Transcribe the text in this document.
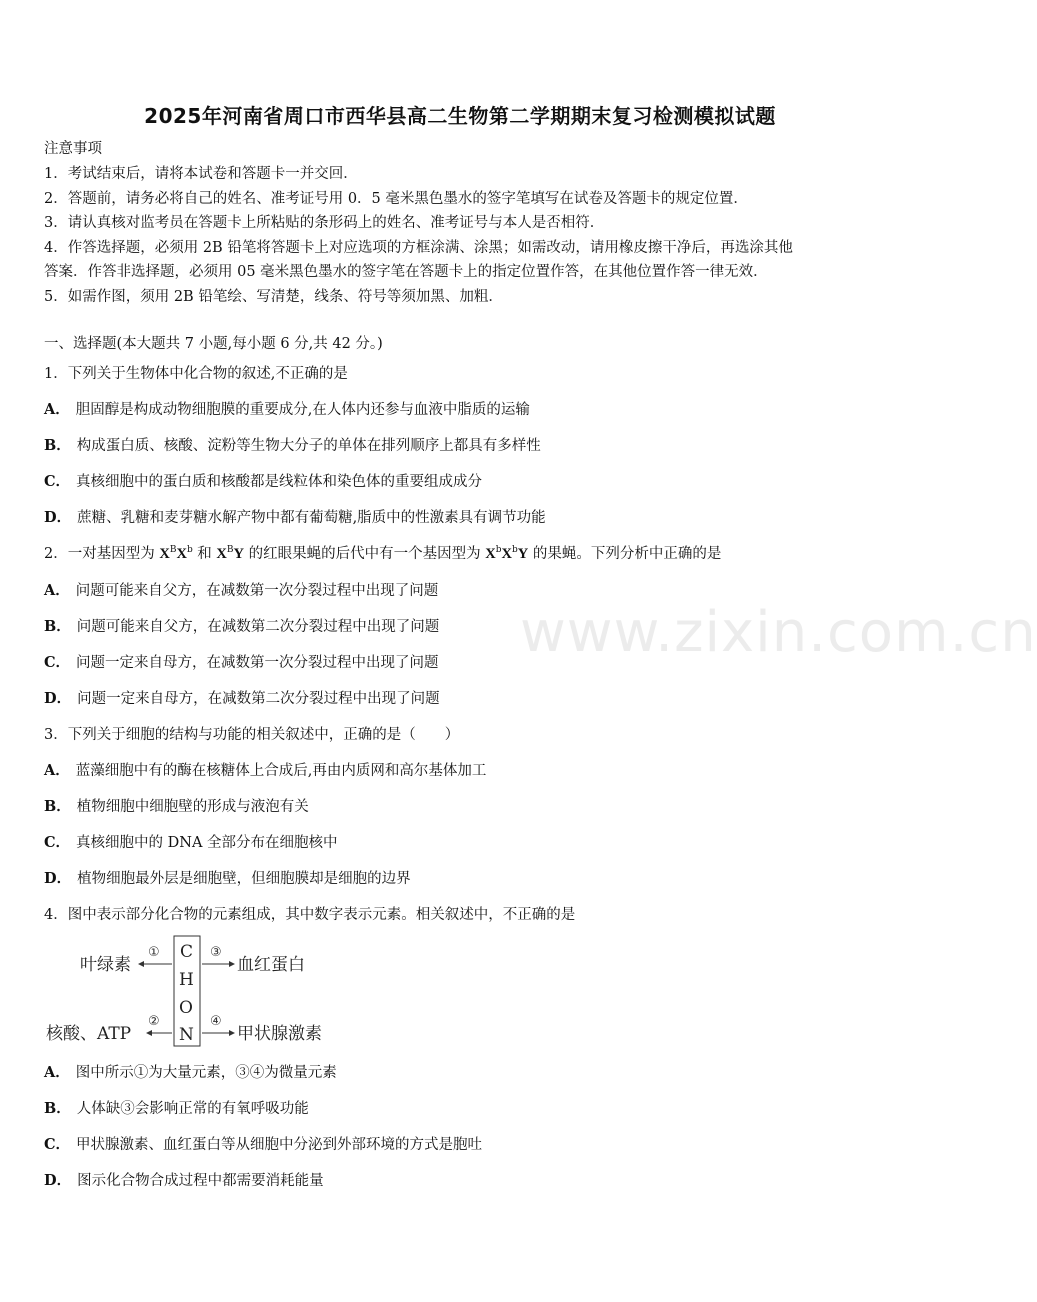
2025年河南省周口市西华县高二生物第二学期期末复习检测模拟试题
注意事项
1．考试结束后，请将本试卷和答题卡一并交回．
2．答题前，请务必将自己的姓名、准考证号用 0．5 毫米黑色墨水的签字笔填写在试卷及答题卡的规定位置．
3．请认真核对监考员在答题卡上所粘贴的条形码上的姓名、准考证号与本人是否相符．
4．作答选择题，必须用 2B 铅笔将答题卡上对应选项的方框涂满、涂黑；如需改动，请用橡皮擦干净后，再选涂其他
答案．作答非选择题，必须用 05 毫米黑色墨水的签字笔在答题卡上的指定位置作答，在其他位置作答一律无效．
5．如需作图，须用 2B 铅笔绘、写清楚，线条、符号等须加黑、加粗．
一、选择题(本大题共 7 小题,每小题 6 分,共 42 分。)
1．下列关于生物体中化合物的叙述,不正确的是
A． 胆固醇是构成动物细胞膜的重要成分,在人体内还参与血液中脂质的运输
B． 构成蛋白质、核酸、淀粉等生物大分子的单体在排列顺序上都具有多样性
C． 真核细胞中的蛋白质和核酸都是线粒体和染色体的重要组成成分
D． 蔗糖、乳糖和麦芽糖水解产物中都有葡萄糖,脂质中的性激素具有调节功能
2．一对基因型为 $X^BX^b$ 和 $X^BY$ 的红眼果蝇的后代中有一个基因型为 $X^bX^bY$ 的果蝇。下列分析中正确的是
A． 问题可能来自父方，在减数第一次分裂过程中出现了问题
B． 问题可能来自父方，在减数第二次分裂过程中出现了问题
C． 问题一定来自母方，在减数第一次分裂过程中出现了问题
D． 问题一定来自母方，在减数第二次分裂过程中出现了问题
3．下列关于细胞的结构与功能的相关叙述中，正确的是（　　）
A． 蓝藻细胞中有的酶在核糖体上合成后,再由内质网和高尔基体加工
B． 植物细胞中细胞壁的形成与液泡有关
C． 真核细胞中的 DNA 全部分布在细胞核中
D． 植物细胞最外层是细胞壁，但细胞膜却是细胞的边界
4．图中表示部分化合物的元素组成，其中数字表示元素。相关叙述中，不正确的是
C
H
O
N
①
叶绿素
②
核酸、ATP
③
血红蛋白
④
甲状腺激素
A． 图中所示①为大量元素，③④为微量元素
B． 人体缺③会影响正常的有氧呼吸功能
C． 甲状腺激素、血红蛋白等从细胞中分泌到外部环境的方式是胞吐
D． 图示化合物合成过程中都需要消耗能量
www.zixin.com.cn
